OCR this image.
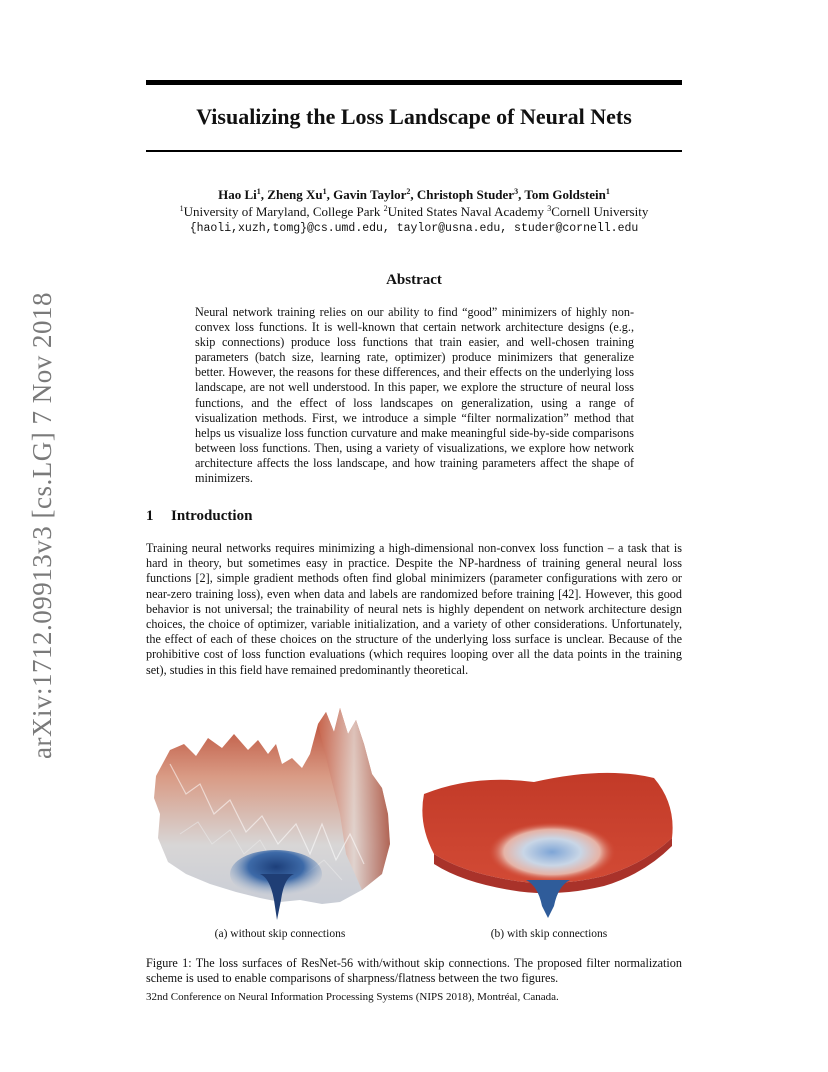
arXiv:1712.09913v3 [cs.LG] 7 Nov 2018
Visualizing the Loss Landscape of Neural Nets
Hao Li$^1$, Zheng Xu$^1$, Gavin Taylor$^2$, Christoph Studer$^3$, Tom Goldstein$^1$
$^1$University of Maryland, College Park $^2$United States Naval Academy $^3$Cornell University
{haoli,xuzh,tomg}@cs.umd.edu, taylor@usna.edu, studer@cornell.edu
Abstract

Neural network training relies on our ability to find “good” minimizers of highly non-convex loss functions. It is well-known that certain network architecture designs (e.g., skip connections) produce loss functions that train easier, and well-chosen training parameters (batch size, learning rate, optimizer) produce minimizers that generalize better. However, the reasons for these differences, and their effects on the underlying loss landscape, are not well understood. In this paper, we explore the structure of neural loss functions, and the effect of loss landscapes on generalization, using a range of visualization methods. First, we introduce a simple “filter normalization” method that helps us visualize loss function curvature and make meaningful side-by-side comparisons between loss functions. Then, using a variety of visualizations, we explore how network architecture affects the loss landscape, and how training parameters affect the shape of minimizers.

1 Introduction

Training neural networks requires minimizing a high-dimensional non-convex loss function – a task that is hard in theory, but sometimes easy in practice. Despite the NP-hardness of training general neural loss functions [2], simple gradient methods often find global minimizers (parameter configurations with zero or near-zero training loss), even when data and labels are randomized before training [42]. However, this good behavior is not universal; the trainability of neural nets is highly dependent on network architecture design choices, the choice of optimizer, variable initialization, and a variety of other considerations. Unfortunately, the effect of each of these choices on the structure of the underlying loss surface is unclear. Because of the prohibitive cost of loss function evaluations (which requires looping over all the data points in the training set), studies in this field have remained predominantly theoretical.

(a) without skip connections	(b) with skip connections

Figure 1: The loss surfaces of ResNet-56 with/without skip connections. The proposed filter normalization scheme is used to enable comparisons of sharpness/flatness between the two figures.

32nd Conference on Neural Information Processing Systems (NIPS 2018), Montréal, Canada.
